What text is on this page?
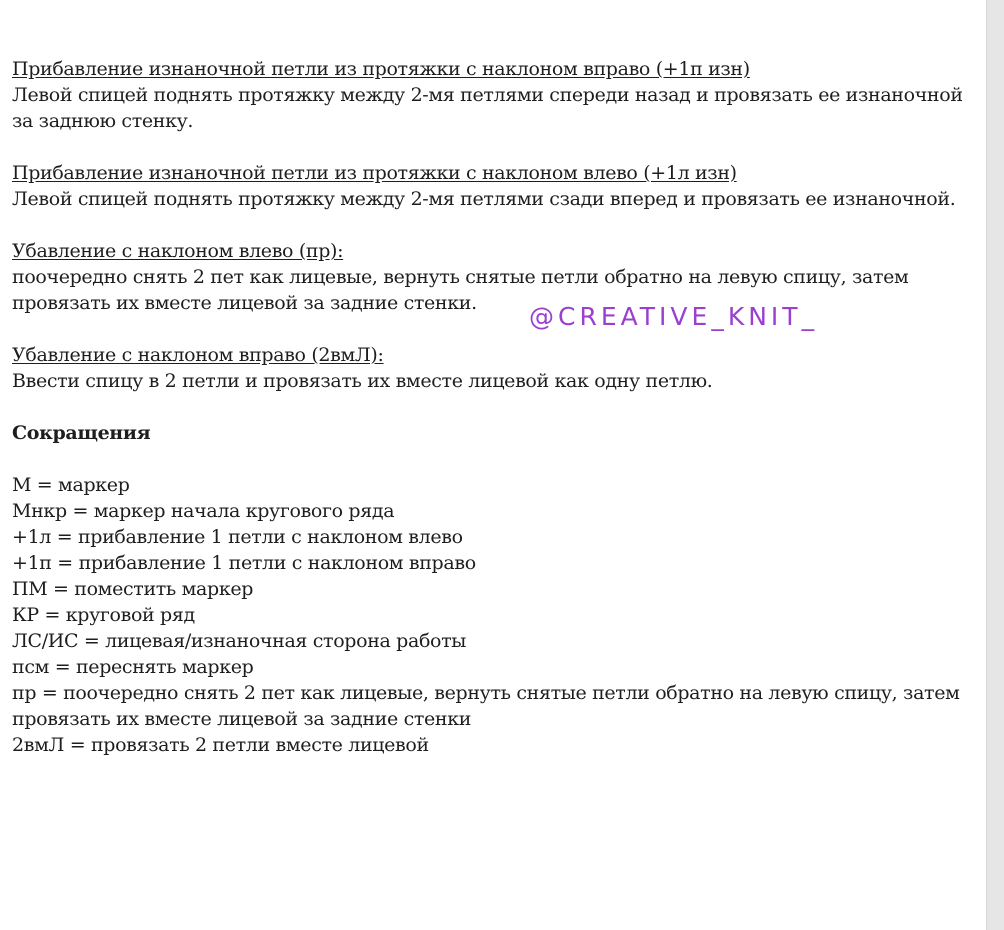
Прибавление изнаночной петли из протяжки с наклоном вправо (+1п изн)
Левой спицей поднять протяжку между 2-мя петлями спереди назад и провязать ее изнаночной за заднюю стенку.
Прибавление изнаночной петли из протяжки с наклоном влево (+1л изн)
Левой спицей поднять протяжку между 2-мя петлями сзади вперед и провязать ее изнаночной.
Убавление с наклоном влево (пр):
поочередно снять 2 пет как лицевые, вернуть снятые петли обратно на левую спицу, затем провязать их вместе лицевой за задние стенки.
Убавление с наклоном вправо (2вмЛ):
Ввести спицу в 2 петли и провязать их вместе лицевой как одну петлю.
Сокращения
М = маркер
Мнкр = маркер начала кругового ряда
+1л = прибавление 1 петли с наклоном влево
+1п = прибавление 1 петли с наклоном вправо
ПМ = поместить маркер
КР = круговой ряд
ЛС/ИС = лицевая/изнаночная сторона работы
псм = переснять маркер
пр = поочередно снять 2 пет как лицевые, вернуть снятые петли обратно на левую спицу, затем провязать их вместе лицевой за задние стенки
2вмЛ = провязать 2 петли вместе лицевой
@CREATIVE_KNIT_
